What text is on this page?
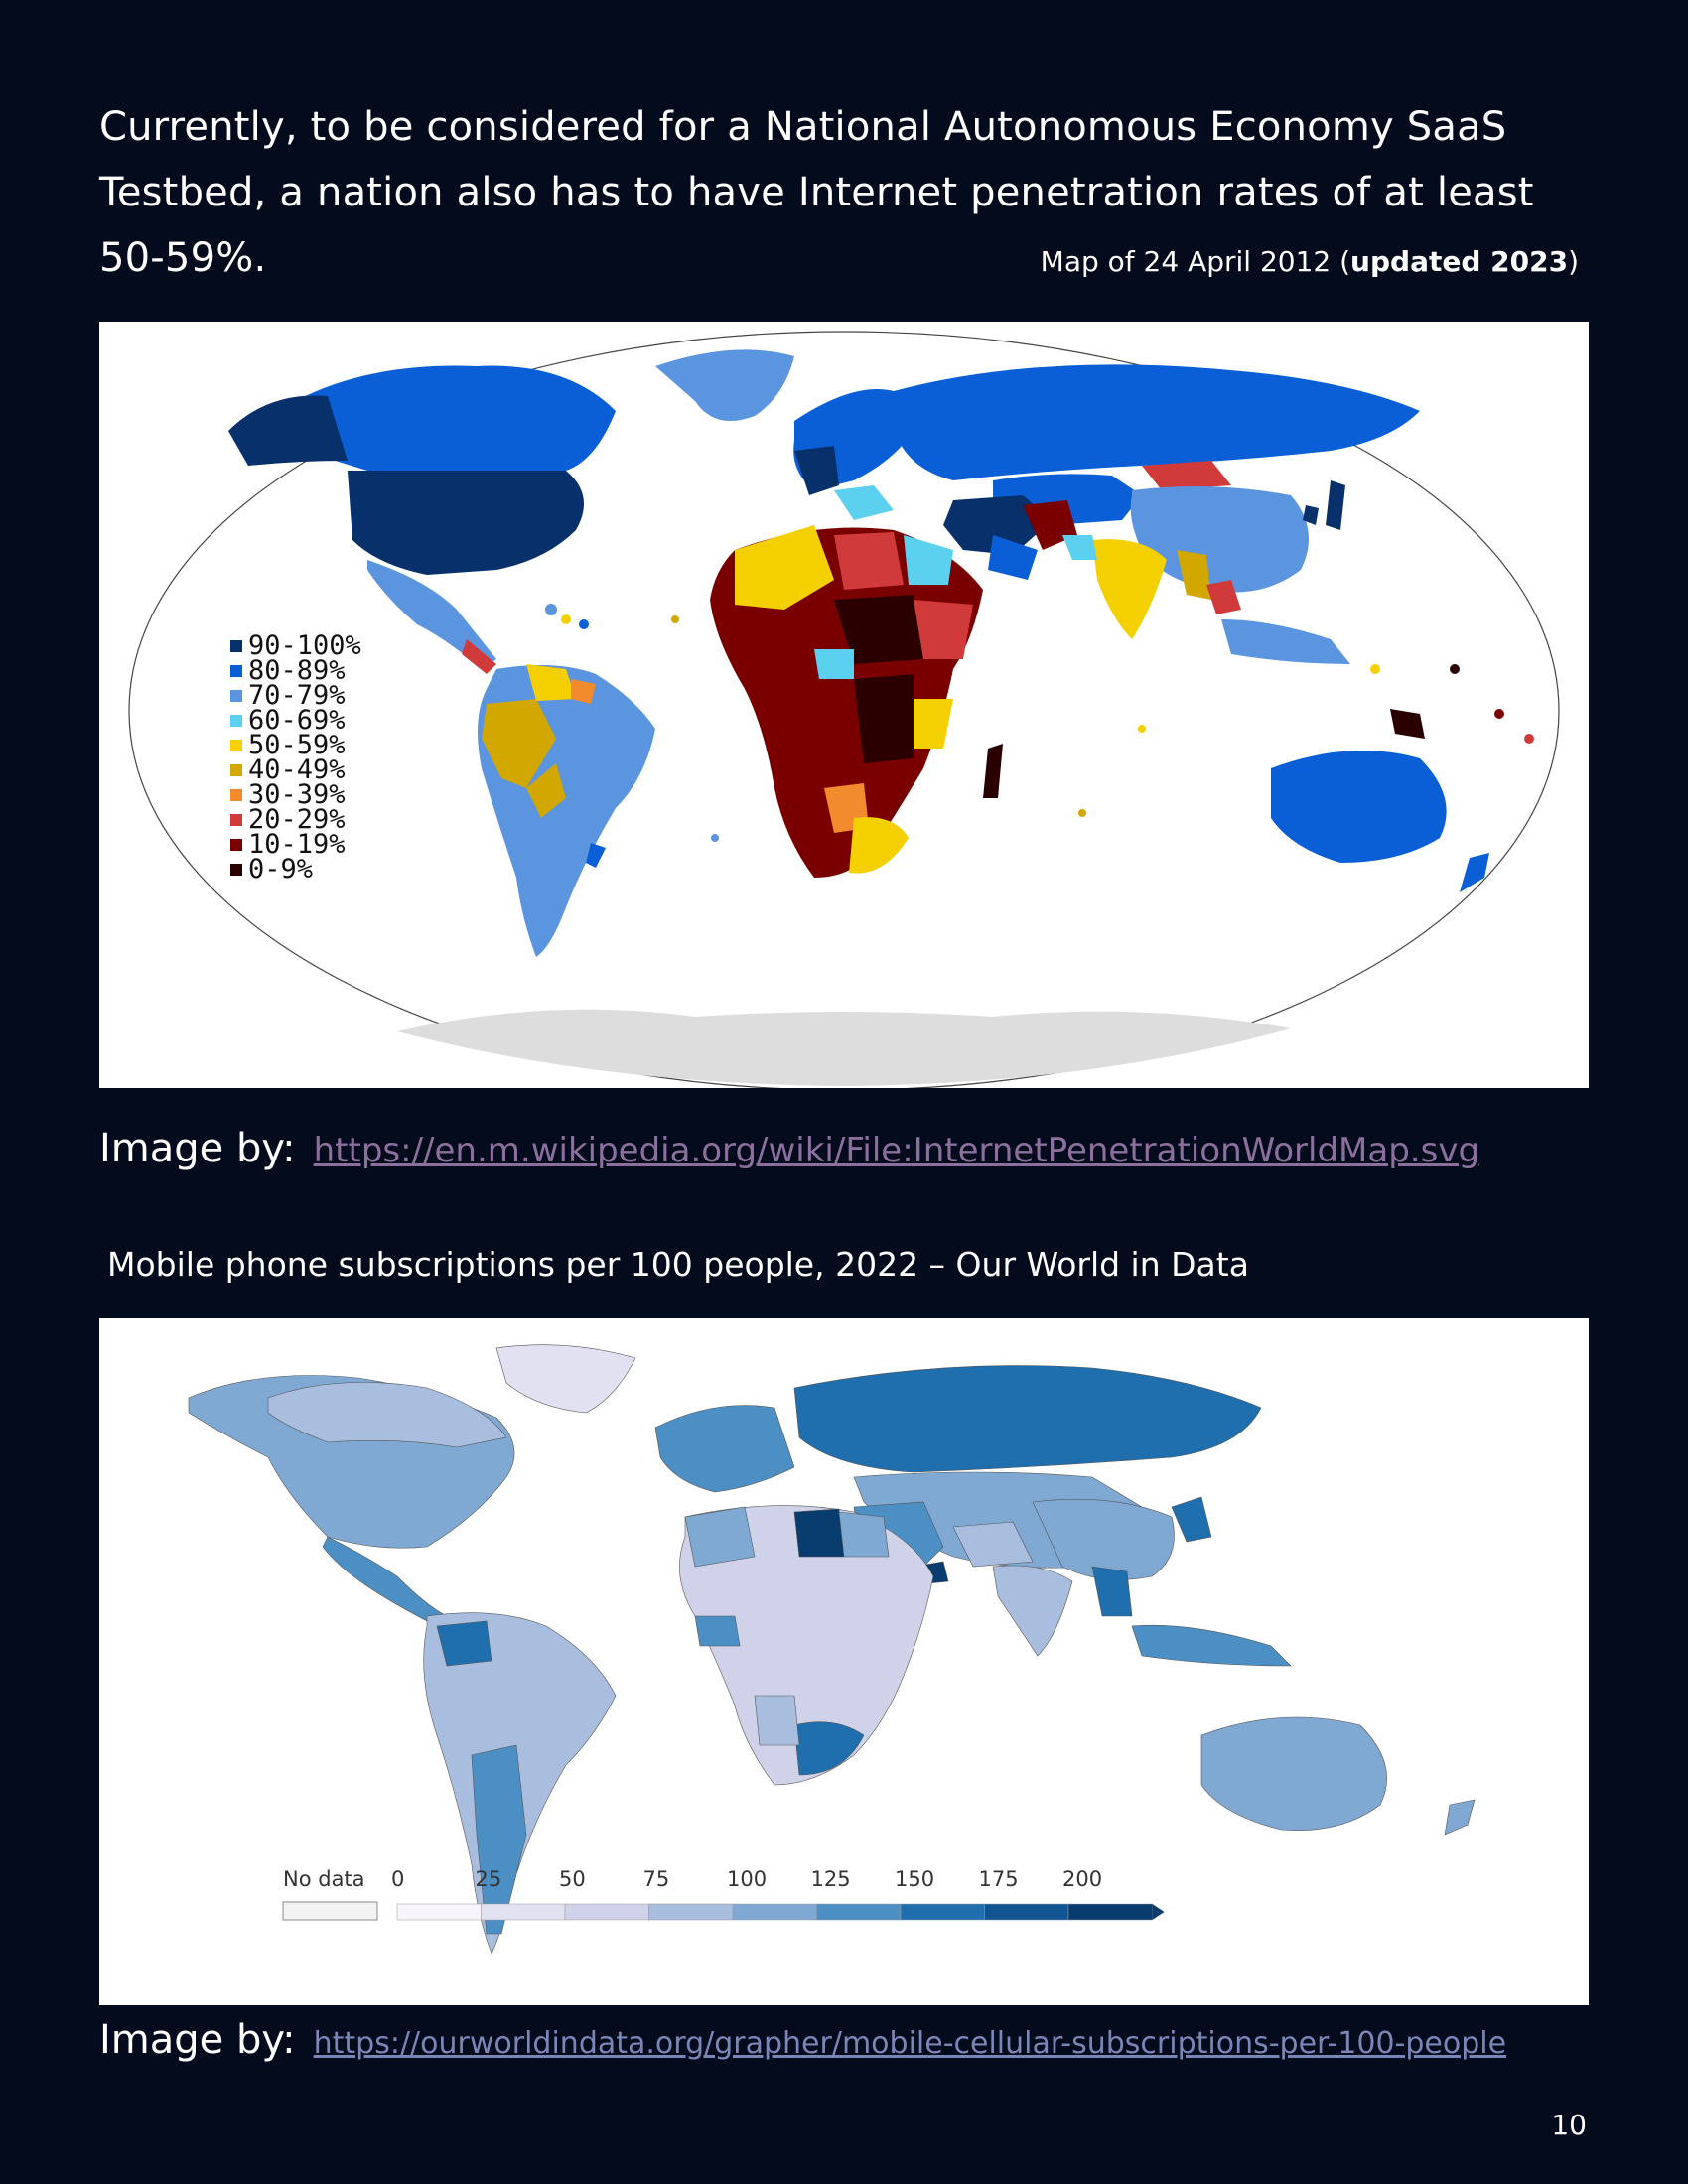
Currently, to be considered for a National Autonomous Economy SaaS Testbed, a nation also has to have Internet penetration rates of at least 50-59%.	Map of 24 April 2012 (updated 2023)
90-100%
80-89%
70-79%
60-69%
50-59%
40-49%
30-39%
20-29%
10-19%
0-9%
Image by: https://en.m.wikipedia.org/wiki/File:InternetPenetrationWorldMap.svg
Mobile phone subscriptions per 100 people, 2022 – Our World in Data
No data 0	25	50	75	100 125 150 175 200
Image by: https://ourworldindata.org/grapher/mobile-cellular-subscriptions-per-100-people
10
